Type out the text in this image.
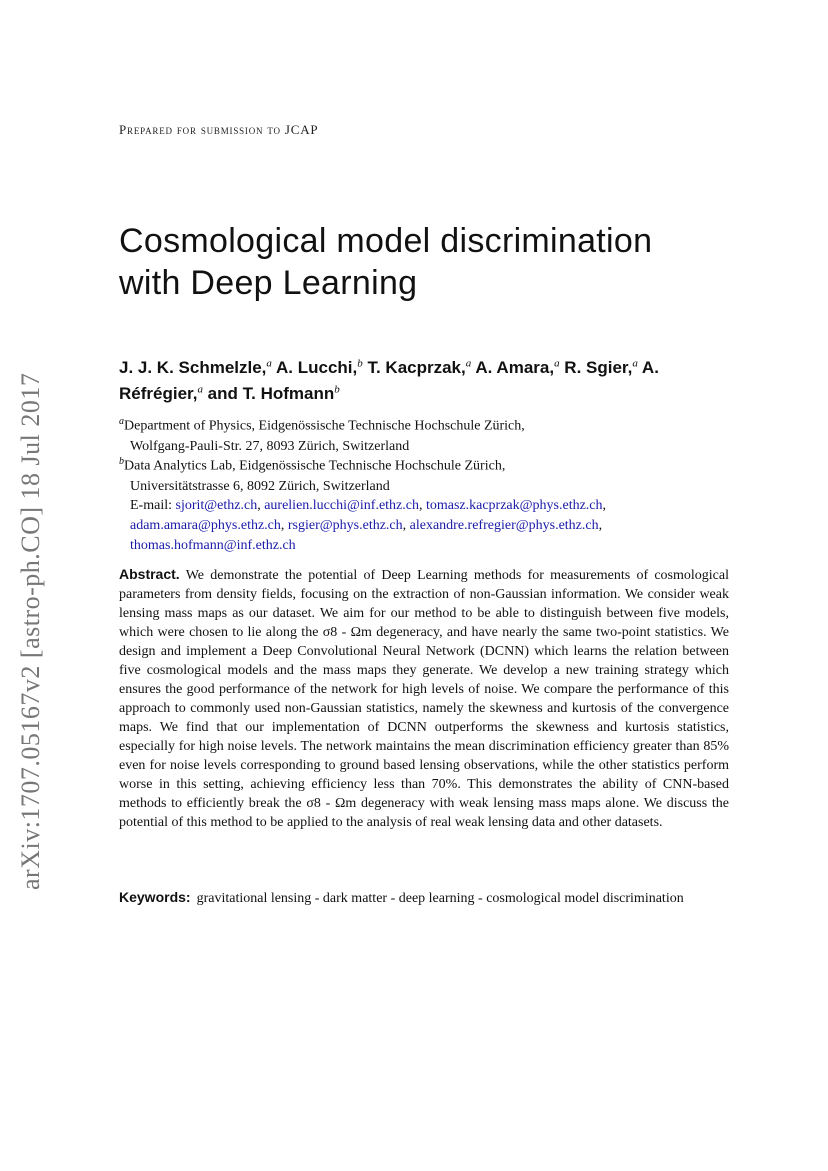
Prepared for submission to JCAP
arXiv:1707.05167v2 [astro-ph.CO] 18 Jul 2017
Cosmological model discrimination
with Deep Learning
J. J. K. Schmelzle,$^a$ A. Lucchi,$^b$ T. Kacprzak,$^a$ A. Amara,$^a$ R. Sgier,$^a$ A. Réfrégier,$^a$ and T. Hofmann$^b$
$^a$Department of Physics, Eidgenössische Technische Hochschule Zürich,
Wolfgang-Pauli-Str. 27, 8093 Zürich, Switzerland
$^b$Data Analytics Lab, Eidgenössische Technische Hochschule Zürich,
Universitätstrasse 6, 8092 Zürich, Switzerland
E-mail: sjorit@ethz.ch, aurelien.lucchi@inf.ethz.ch, tomasz.kacprzak@phys.ethz.ch,
adam.amara@phys.ethz.ch, rsgier@phys.ethz.ch, alexandre.refregier@phys.ethz.ch,
thomas.hofmann@inf.ethz.ch
Abstract. We demonstrate the potential of Deep Learning methods for measurements of cosmological parameters from density fields, focusing on the extraction of non-Gaussian information. We consider weak lensing mass maps as our dataset. We aim for our method to be able to distinguish between five models, which were chosen to lie along the σ8 - Ωm degeneracy, and have nearly the same two-point statistics. We design and implement a Deep Convolutional Neural Network (DCNN) which learns the relation between five cosmological models and the mass maps they generate. We develop a new training strategy which ensures the good performance of the network for high levels of noise. We compare the performance of this approach to commonly used non-Gaussian statistics, namely the skewness and kurtosis of the convergence maps. We find that our implementation of DCNN outperforms the skewness and kurtosis statistics, especially for high noise levels. The network maintains the mean discrimination efficiency greater than 85% even for noise levels corresponding to ground based lensing observations, while the other statistics perform worse in this setting, achieving efficiency less than 70%. This demonstrates the ability of CNN-based methods to efficiently break the σ8 - Ωm degeneracy with weak lensing mass maps alone. We discuss the potential of this method to be applied to the analysis of real weak lensing data and other datasets.
Keywords: gravitational lensing - dark matter - deep learning - cosmological model discrimination
